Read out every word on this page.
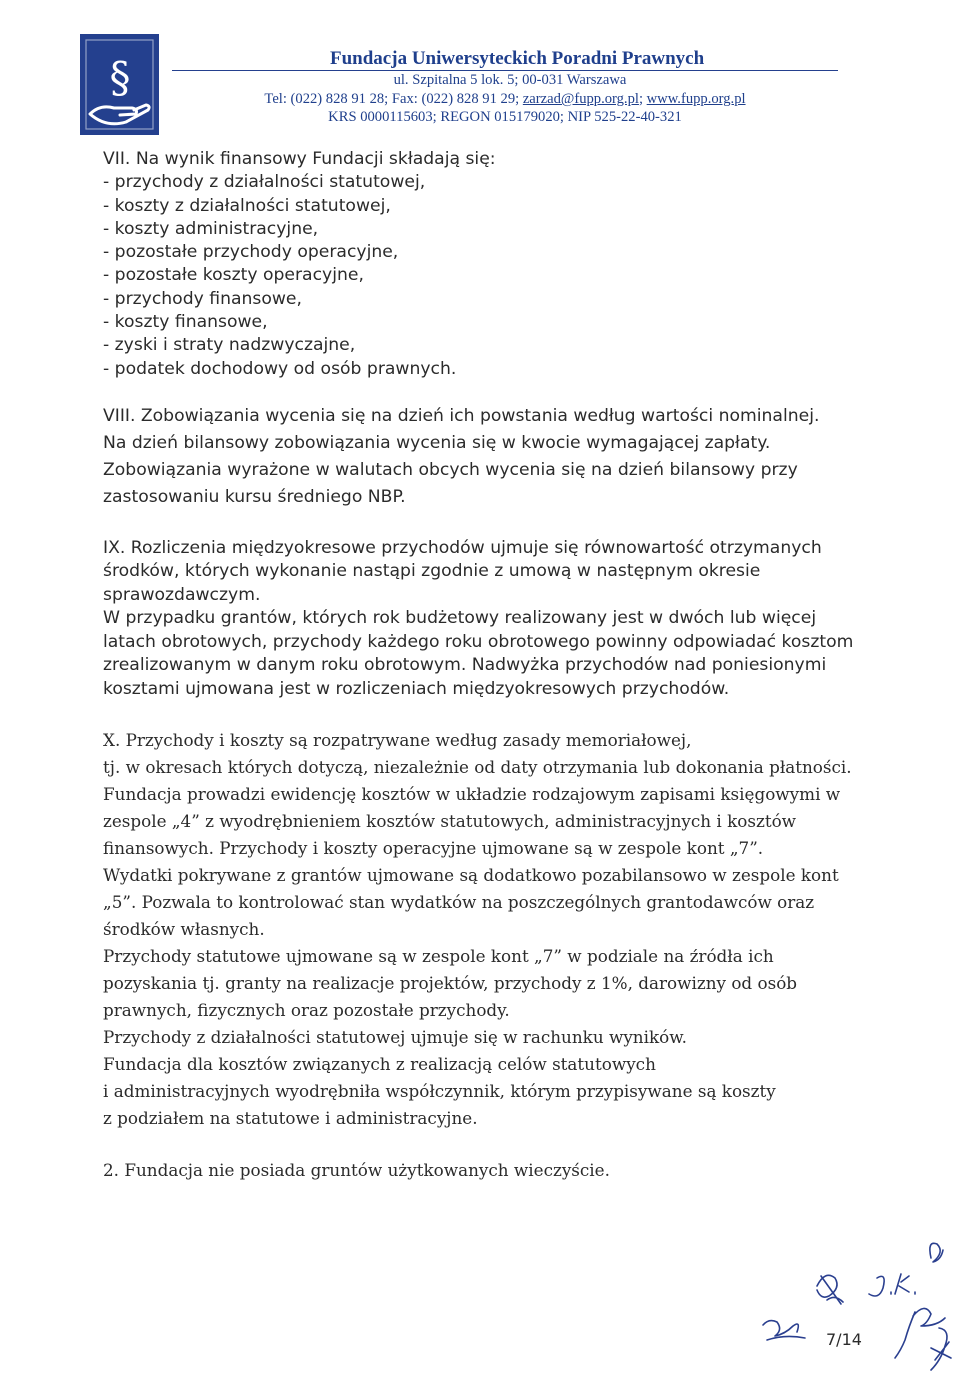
§	Fundacja Uniwersyteckich Poradni Prawnych

ul. Szpitalna 5 lok. 5; 00-031 Warszawa

Tel: (022) 828 91 28; Fax: (022) 828 91 29; zarzad@fupp.org.pl; www.fupp.org.pl

KRS 0000115603; REGON 015179020; NIP 525-22-40-321

VII. Na wynik finansowy Fundacji składają się:

- przychody z działalności statutowej,

- koszty z działalności statutowej,

- koszty administracyjne,

- pozostałe przychody operacyjne,

- pozostałe koszty operacyjne,

- przychody finansowe,

- koszty finansowe,

- zyski i straty nadzwyczajne,

- podatek dochodowy od osób prawnych.

VIII. Zobowiązania wycenia się na dzień ich powstania według wartości nominalnej.

Na dzień bilansowy zobowiązania wycenia się w kwocie wymagającej zapłaty.

Zobowiązania wyrażone w walutach obcych wycenia się na dzień bilansowy przy

zastosowaniu kursu średniego NBP.

IX. Rozliczenia międzyokresowe przychodów ujmuje się równowartość otrzymanych

środków, których wykonanie nastąpi zgodnie z umową w następnym okresie

sprawozdawczym.

W przypadku grantów, których rok budżetowy realizowany jest w dwóch lub więcej

latach obrotowych, przychody każdego roku obrotowego powinny odpowiadać kosztom

zrealizowanym w danym roku obrotowym. Nadwyżka przychodów nad poniesionymi

kosztami ujmowana jest w rozliczeniach międzyokresowych przychodów.

X. Przychody i koszty są rozpatrywane według zasady memoriałowej,

tj. w okresach których dotyczą, niezależnie od daty otrzymania lub dokonania płatności.

Fundacja prowadzi ewidencję kosztów w układzie rodzajowym zapisami księgowymi w

zespole „4” z wyodrębnieniem kosztów statutowych, administracyjnych i kosztów

finansowych. Przychody i koszty operacyjne ujmowane są w zespole kont „7”.

Wydatki pokrywane z grantów ujmowane są dodatkowo pozabilansowo w zespole kont

„5”. Pozwala to kontrolować stan wydatków na poszczególnych grantodawców oraz

środków własnych.

Przychody statutowe ujmowane są w zespole kont „7” w podziale na źródła ich

pozyskania tj. granty na realizacje projektów, przychody z 1%, darowizny od osób

prawnych, fizycznych oraz pozostałe przychody.

Przychody z działalności statutowej ujmuje się w rachunku wyników.

Fundacja dla kosztów związanych z realizacją celów statutowych

i administracyjnych wyodrębniła współczynnik, którym przypisywane są koszty

z podziałem na statutowe i administracyjne.

2. Fundacja nie posiada gruntów użytkowanych wieczyście.

7/14
